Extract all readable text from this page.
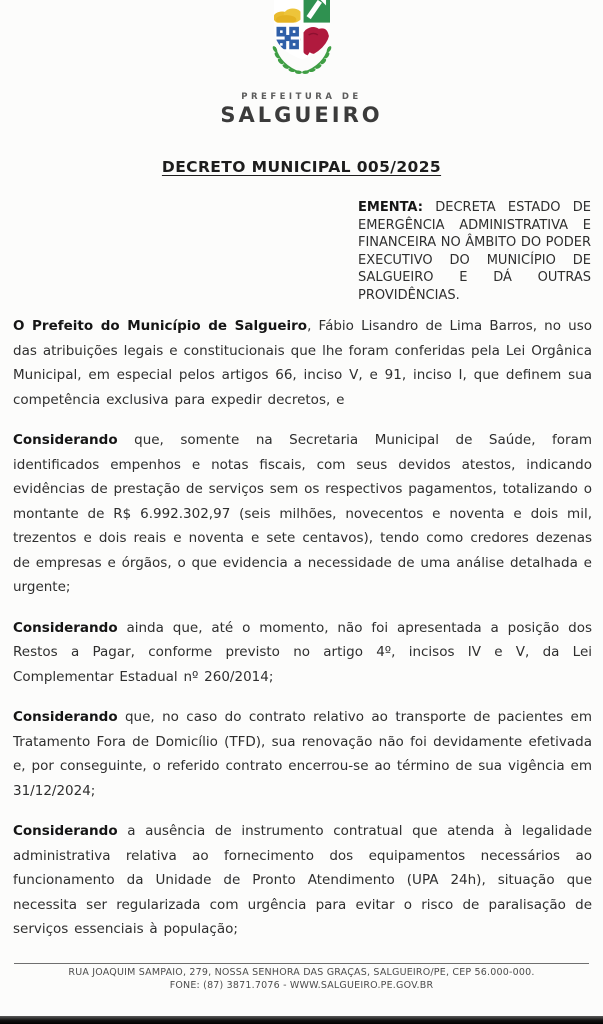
PREFEITURA DE
SALGUEIRO
DECRETO MUNICIPAL 005/2025

EMENTA: DECRETA ESTADO DE EMERGÊNCIA ADMINISTRATIVA E FINANCEIRA NO ÂMBITO DO PODER EXECUTIVO DO MUNICÍPIO DE SALGUEIRO E DÁ OUTRAS PROVIDÊNCIAS.

O Prefeito do Município de Salgueiro, Fábio Lisandro de Lima Barros, no uso das atribuições legais e constitucionais que lhe foram conferidas pela Lei Orgânica Municipal, em especial pelos artigos 66, inciso V, e 91, inciso I, que definem sua competência exclusiva para expedir decretos, e

Considerando que, somente na Secretaria Municipal de Saúde, foram identificados empenhos e notas fiscais, com seus devidos atestos, indicando evidências de prestação de serviços sem os respectivos pagamentos, totalizando o montante de R$ 6.992.302,97 (seis milhões, novecentos e noventa e dois mil, trezentos e dois reais e noventa e sete centavos), tendo como credores dezenas de empresas e órgãos, o que evidencia a necessidade de uma análise detalhada e urgente;

Considerando ainda que, até o momento, não foi apresentada a posição dos Restos a Pagar, conforme previsto no artigo 4º, incisos IV e V, da Lei Complementar Estadual nº 260/2014;

Considerando que, no caso do contrato relativo ao transporte de pacientes em Tratamento Fora de Domicílio (TFD), sua renovação não foi devidamente efetivada e, por conseguinte, o referido contrato encerrou-se ao término de sua vigência em 31/12/2024;

Considerando a ausência de instrumento contratual que atenda à legalidade administrativa relativa ao fornecimento dos equipamentos necessários ao funcionamento da Unidade de Pronto Atendimento (UPA 24h), situação que necessita ser regularizada com urgência para evitar o risco de paralisação de serviços essenciais à população;

RUA JOAQUIM SAMPAIO, 279, NOSSA SENHORA DAS GRAÇAS, SALGUEIRO/PE, CEP 56.000-000.
FONE: (87) 3871.7076 - WWW.SALGUEIRO.PE.GOV.BR
